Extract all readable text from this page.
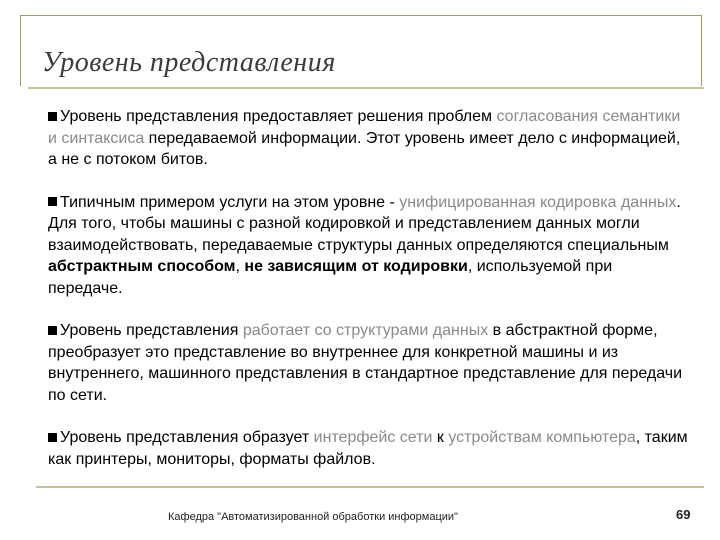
Уровень представления

Уровень представления предоставляет решения проблем согласования семантики и синтаксиса передаваемой информации. Этот уровень имеет дело с информацией, а не с потоком битов.

Типичным примером услуги на этом уровне - унифицированная кодировка данных. Для того, чтобы машины с разной кодировкой и представлением данных могли взаимодействовать, передаваемые структуры данных определяются специальным абстрактным способом, не зависящим от кодировки, используемой при передаче.

Уровень представления работает со структурами данных в абстрактной форме, преобразует это представление во внутреннее для конкретной машины и из внутреннего, машинного представления в стандартное представление для передачи по сети.

Уровень представления образует интерфейс сети к устройствам компьютера, таким как принтеры, мониторы, форматы файлов.

Кафедра "Автоматизированной обработки информации"	69
